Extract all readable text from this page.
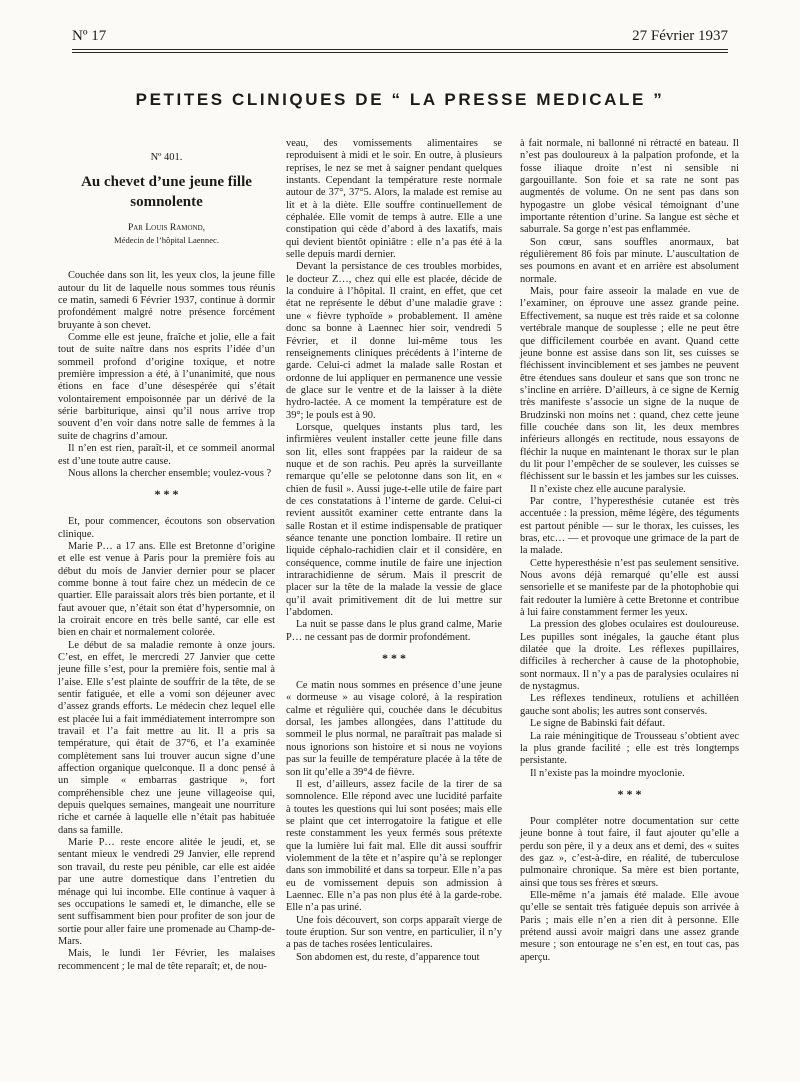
Nº 17	27 Février 1937
PETITES CLINIQUES DE “ LA PRESSE MEDICALE ”
Nº 401.
Au chevet d’une jeune fille
somnolente
Par Louis Ramond,
Médecin de l’hôpital Laennec.

Couchée dans son lit, les yeux clos, la jeune fille autour du lit de laquelle nous sommes tous réunis ce matin, samedi 6 Février 1937, continue à dormir profondément malgré notre présence forcément bruyante à son chevet.

Comme elle est jeune, fraîche et jolie, elle a fait tout de suite naître dans nos esprits l’idée d’un sommeil profond d’origine toxique, et notre première impression a été, à l’unanimité, que nous étions en face d’une désespérée qui s’était volontairement empoisonnée par un dérivé de la série barbiturique, ainsi qu’il nous arrive trop souvent d’en voir dans notre salle de femmes à la suite de chagrins d’amour.

Il n’en est rien, paraît-il, et ce sommeil anormal est d’une toute autre cause.

Nous allons la chercher ensemble; voulez-vous ?

* * *

Et, pour commencer, écoutons son observation clinique.

Marie P… a 17 ans. Elle est Bretonne d’origine et elle est venue à Paris pour la première fois au début du mois de Janvier dernier pour se placer comme bonne à tout faire chez un médecin de ce quartier. Elle paraissait alors très bien portante, et il faut avouer que, n’était son état d’hypersomnie, on la croirait encore en très belle santé, car elle est bien en chair et normalement colorée.

Le début de sa maladie remonte à onze jours. C’est, en effet, le mercredi 27 Janvier que cette jeune fille s’est, pour la première fois, sentie mal à l’aise. Elle s’est plainte de souffrir de la tête, de se sentir fatiguée, et elle a vomi son déjeuner avec d’assez grands efforts. Le médecin chez lequel elle est placée lui a fait immédiatement interrompre son travail et l’a fait mettre au lit. Il a pris sa température, qui était de 37°6, et l’a examinée complètement sans lui trouver aucun signe d’une affection organique quelconque. Il a donc pensé à un simple « embarras gastrique », fort compréhensible chez une jeune villageoise qui, depuis quelques semaines, mangeait une nourriture riche et carnée à laquelle elle n’était pas habituée dans sa famille.

Marie P… reste encore alitée le jeudi, et, se sentant mieux le vendredi 29 Janvier, elle reprend son travail, du reste peu pénible, car elle est aidée par une autre domestique dans l’entretien du ménage qui lui incombe. Elle continue à vaquer à ses occupations le samedi et, le dimanche, elle se sent suffisamment bien pour profiter de son jour de sortie pour aller faire une promenade au Champ-de-Mars.

Mais, le lundi 1er Février, les malaises recommencent ; le mal de tête reparaît; et, de nou-

veau, des vomissements alimentaires se reproduisent à midi et le soir. En outre, à plusieurs reprises, le nez se met à saigner pendant quelques instants. Cependant la température reste normale autour de 37°, 37°5. Alors, la malade est remise au lit et à la diète. Elle souffre continuellement de céphalée. Elle vomit de temps à autre. Elle a une constipation qui cède d’abord à des laxatifs, mais qui devient bientôt opiniâtre : elle n’a pas été à la selle depuis mardi dernier.

Devant la persistance de ces troubles morbides, le docteur Z…, chez qui elle est placée, décide de la conduire à l’hôpital. Il craint, en effet, que cet état ne représente le début d’une maladie grave : une « fièvre typhoïde » probablement. Il amène donc sa bonne à Laennec hier soir, vendredi 5 Février, et il donne lui-même tous les renseignements cliniques précédents à l’interne de garde. Celui-ci admet la malade salle Rostan et ordonne de lui appliquer en permanence une vessie de glace sur le ventre et de la laisser à la diète hydro-lactée. A ce moment la température est de 39°; le pouls est à 90.

Lorsque, quelques instants plus tard, les infirmières veulent installer cette jeune fille dans son lit, elles sont frappées par la raideur de sa nuque et de son rachis. Peu après la surveillante remarque qu’elle se pelotonne dans son lit, en « chien de fusil ». Aussi juge-t-elle utile de faire part de ces constatations à l’interne de garde. Celui-ci revient aussitôt examiner cette entrante dans la salle Rostan et il estime indispensable de pratiquer séance tenante une ponction lombaire. Il retire un liquide céphalo-rachidien clair et il considère, en conséquence, comme inutile de faire une injection intrarachidienne de sérum. Mais il prescrit de placer sur la tête de la malade la vessie de glace qu’il avait primitivement dit de lui mettre sur l’abdomen.

La nuit se passe dans le plus grand calme, Marie P… ne cessant pas de dormir profondément.

* * *

Ce matin nous sommes en présence d’une jeune « dormeuse » au visage coloré, à la respiration calme et régulière qui, couchée dans le décubitus dorsal, les jambes allongées, dans l’attitude du sommeil le plus normal, ne paraîtrait pas malade si nous ignorions son histoire et si nous ne voyions pas sur la feuille de température placée à la tête de son lit qu’elle a 39°4 de fièvre.

Il est, d’ailleurs, assez facile de la tirer de sa somnolence. Elle répond avec une lucidité parfaite à toutes les questions qui lui sont posées; mais elle se plaint que cet interrogatoire la fatigue et elle reste constamment les yeux fermés sous prétexte que la lumière lui fait mal. Elle dit aussi souffrir violemment de la tête et n’aspire qu’à se replonger dans son immobilité et dans sa torpeur. Elle n’a pas eu de vomissement depuis son admission à Laennec. Elle n’a pas non plus été à la garde-robe. Elle n’a pas uriné.

Une fois découvert, son corps apparaît vierge de toute éruption. Sur son ventre, en particulier, il n’y a pas de taches rosées lenticulaires.

Son abdomen est, du reste, d’apparence tout

à fait normale, ni ballonné ni rétracté en bateau. Il n’est pas douloureux à la palpation profonde, et la fosse iliaque droite n’est ni sensible ni gargouillante. Son foie et sa rate ne sont pas augmentés de volume. On ne sent pas dans son hypogastre un globe vésical témoignant d’une importante rétention d’urine. Sa langue est sèche et saburrale. Sa gorge n’est pas enflammée.

Son cœur, sans souffles anormaux, bat régulièrement 86 fois par minute. L’auscultation de ses poumons en avant et en arrière est absolument normale.

Mais, pour faire asseoir la malade en vue de l’examiner, on éprouve une assez grande peine. Effectivement, sa nuque est très raide et sa colonne vertébrale manque de souplesse ; elle ne peut être que difficilement courbée en avant. Quand cette jeune bonne est assise dans son lit, ses cuisses se fléchissent invinciblement et ses jambes ne peuvent être étendues sans douleur et sans que son tronc ne s’incline en arrière. D’ailleurs, à ce signe de Kernig très manifeste s’associe un signe de la nuque de Brudzinski non moins net : quand, chez cette jeune fille couchée dans son lit, les deux membres inférieurs allongés en rectitude, nous essayons de fléchir la nuque en maintenant le thorax sur le plan du lit pour l’empêcher de se soulever, les cuisses se fléchissent sur le bassin et les jambes sur les cuisses.

Il n’existe chez elle aucune paralysie.

Par contre, l’hyperesthésie cutanée est très accentuée : la pression, même légère, des téguments est partout pénible — sur le thorax, les cuisses, les bras, etc… — et provoque une grimace de la part de la malade.

Cette hyperesthésie n’est pas seulement sensitive. Nous avons déjà remarqué qu’elle est aussi sensorielle et se manifeste par de la photophobie qui fait redouter la lumière à cette Bretonne et contribue à lui faire constamment fermer les yeux.

La pression des globes oculaires est douloureuse. Les pupilles sont inégales, la gauche étant plus dilatée que la droite. Les réflexes pupillaires, difficiles à rechercher à cause de la photophobie, sont normaux. Il n’y a pas de paralysies oculaires ni de nystagmus.

Les réflexes tendineux, rotuliens et achilléen gauche sont abolis; les autres sont conservés.

Le signe de Babinski fait défaut.

La raie méningitique de Trousseau s’obtient avec la plus grande facilité ; elle est très longtemps persistante.

Il n’existe pas la moindre myoclonie.

* * *

Pour compléter notre documentation sur cette jeune bonne à tout faire, il faut ajouter qu’elle a perdu son père, il y a deux ans et demi, des « suites des gaz », c’est-à-dire, en réalité, de tuberculose pulmonaire chronique. Sa mère est bien portante, ainsi que tous ses frères et sœurs.

Elle-même n’a jamais été malade. Elle avoue qu’elle se sentait très fatiguée depuis son arrivée à Paris ; mais elle n’en a rien dit à personne. Elle prétend aussi avoir maigri dans une assez grande mesure ; son entourage ne s’en est, en tout cas, pas aperçu.
